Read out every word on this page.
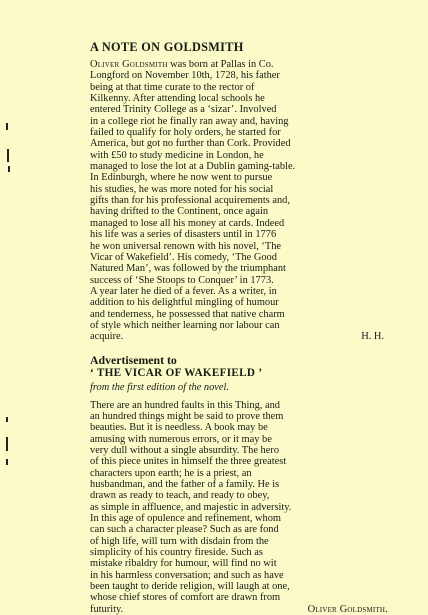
A NOTE ON GOLDSMITH
Oliver Goldsmith was born at Pallas in Co.
Longford on November 10th, 1728, his father
being at that time curate to the rector of
Kilkenny. After attending local schools he
entered Trinity College as a ‘sizar’. Involved
in a college riot he finally ran away and, having
failed to qualify for holy orders, he started for
America, but got no further than Cork. Provided
with £50 to study medicine in London, he
managed to lose the lot at a Dublin gaming-table.
In Edinburgh, where he now went to pursue
his studies, he was more noted for his social
gifts than for his professional acquirements and,
having drifted to the Continent, once again
managed to lose all his money at cards. Indeed
his life was a series of disasters until in 1776
he won universal renown with his novel, ‘The
Vicar of Wakefield’. His comedy, ‘The Good
Natured Man’, was followed by the triumphant
success of ‘She Stoops to Conquer’ in 1773.
A year later he died of a fever. As a writer, in
addition to his delightful mingling of humour
and tenderness, he possessed that native charm
of style which neither learning nor labour can
acquire.	H. H.
Advertisement to
‘ THE VICAR OF WAKEFIELD ’
from the first edition of the novel.
There are an hundred faults in this Thing, and
an hundred things might be said to prove them
beauties. But it is needless. A book may be
amusing with numerous errors, or it may be
very dull without a single absurdity. The hero
of this piece unites in himself the three greatest
characters upon earth; he is a priest, an
husbandman, and the father of a family. He is
drawn as ready to teach, and ready to obey,
as simple in affluence, and majestic in adversity.
In this age of opulence and refinement, whom
can such a character please? Such as are fond
of high life, will turn with disdain from the
simplicity of his country fireside. Such as
mistake ribaldry for humour, will find no wit
in his harmless conversation; and such as have
been taught to deride religion, will laugh at one,
whose chief stores of comfort are drawn from
futurity.	Oliver Goldsmith.
